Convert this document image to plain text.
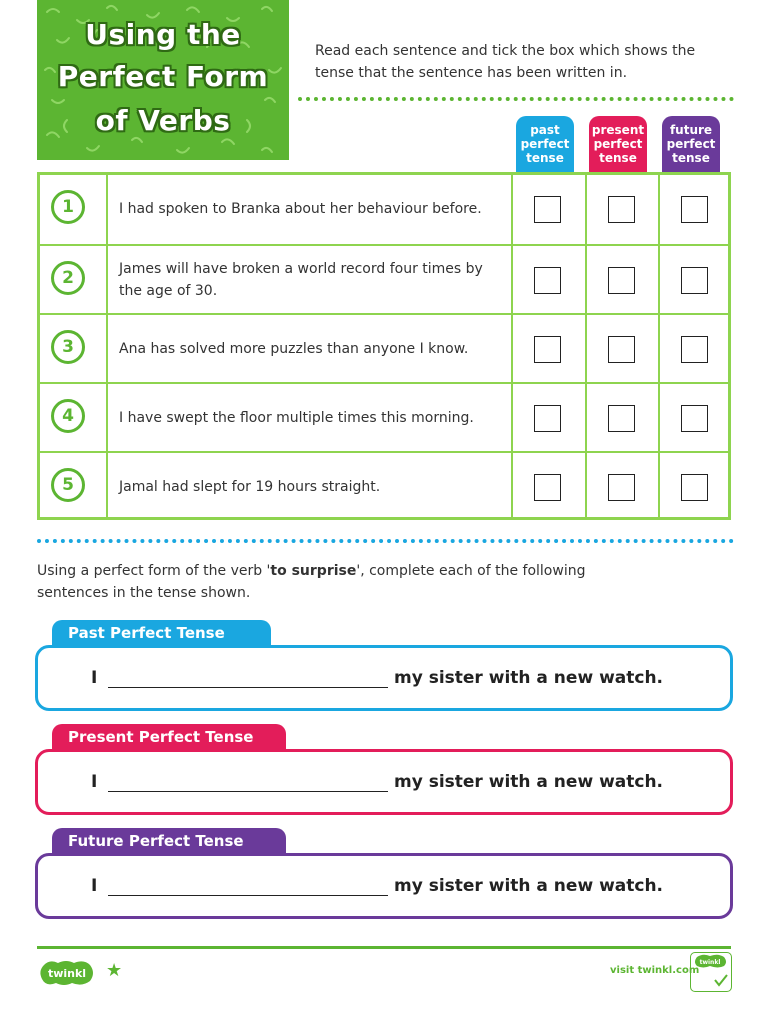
Using the
Perfect Form
of Verbs
Read each sentence and tick the box which shows the tense that the sentence has been written in.
past perfect tense
present perfect tense
future perfect tense
1	I had spoken to Branka about her behaviour before.
2	James will have broken a world record four times by the age of 30.
3	Ana has solved more puzzles than anyone I know.
4	I have swept the floor multiple times this morning.
5	Jamal had slept for 19 hours straight.
Using a perfect form of the verb 'to surprise', complete each of the following sentences in the tense shown.
Past Perfect Tense
I	my sister with a new watch.
Present Perfect Tense
I	my sister with a new watch.
Future Perfect Tense
I	my sister with a new watch.
twinkl ★	visit twinkl.com
twinkl
